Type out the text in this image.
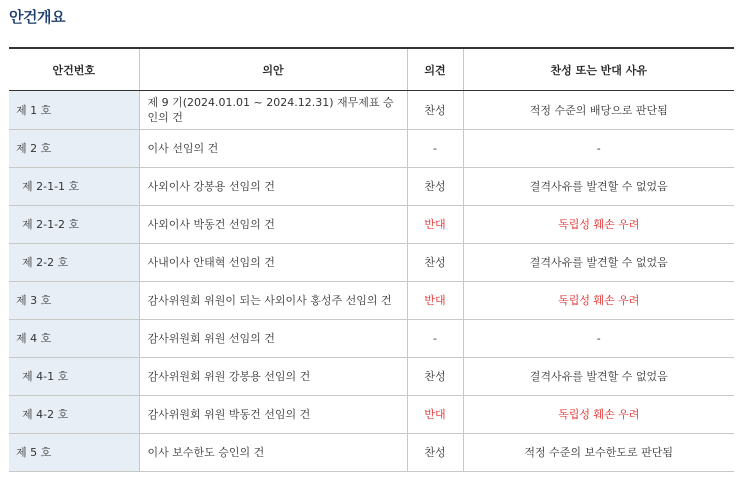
안건개요
안건번호	의안	의견	찬성 또는 반대 사유
제 1 호	제 9 기(2024.01.01 ~ 2024.12.31) 재무제표 승인의 건	찬성	적정 수준의 배당으로 판단됨
제 2 호	이사 선임의 건	-	-
제 2-1-1 호	사외이사 강봉용 선임의 건	찬성	결격사유를 발견할 수 없었음
제 2-1-2 호	사외이사 박동건 선임의 건	반대	독립성 훼손 우려
제 2-2 호	사내이사 안태혁 선임의 건	찬성	결격사유를 발견할 수 없었음
제 3 호	감사위원회 위원이 되는 사외이사 홍성주 선임의 건	반대	독립성 훼손 우려
제 4 호	감사위원회 위원 선임의 건	-	-
제 4-1 호	감사위원회 위원 강봉용 선임의 건	찬성	결격사유를 발견할 수 없었음
제 4-2 호	감사위원회 위원 박동건 선임의 건	반대	독립성 훼손 우려
제 5 호	이사 보수한도 승인의 건	찬성	적정 수준의 보수한도로 판단됨
